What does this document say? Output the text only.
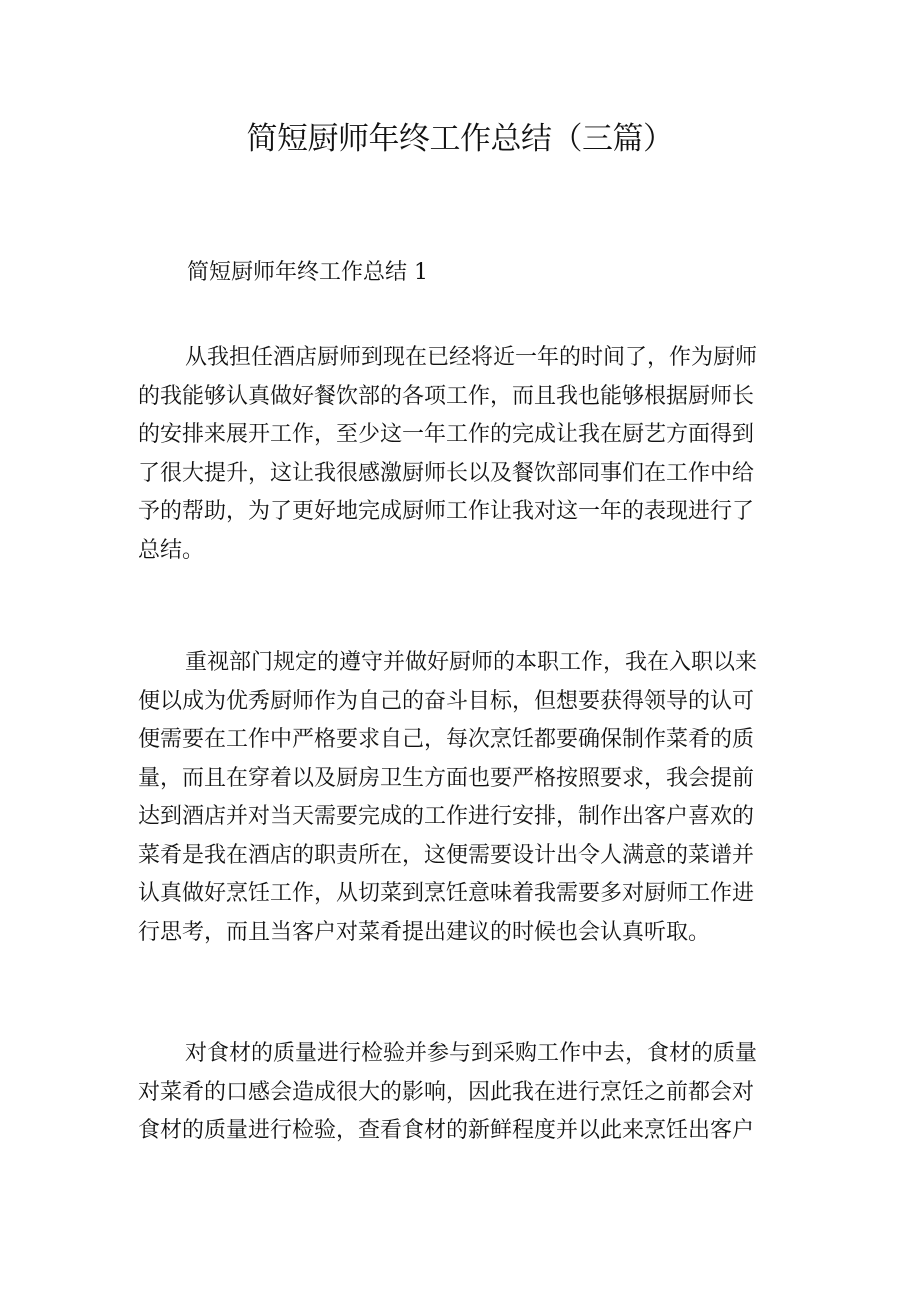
简短厨师年终工作总结（三篇）
简短厨师年终工作总结 1
从我担任酒店厨师到现在已经将近一年的时间了，作为厨师
的我能够认真做好餐饮部的各项工作，而且我也能够根据厨师长
的安排来展开工作，至少这一年工作的完成让我在厨艺方面得到
了很大提升，这让我很感激厨师长以及餐饮部同事们在工作中给
予的帮助，为了更好地完成厨师工作让我对这一年的表现进行了
总结。
重视部门规定的遵守并做好厨师的本职工作，我在入职以来
便以成为优秀厨师作为自己的奋斗目标，但想要获得领导的认可
便需要在工作中严格要求自己，每次烹饪都要确保制作菜肴的质
量，而且在穿着以及厨房卫生方面也要严格按照要求，我会提前
达到酒店并对当天需要完成的工作进行安排，制作出客户喜欢的
菜肴是我在酒店的职责所在，这便需要设计出令人满意的菜谱并
认真做好烹饪工作，从切菜到烹饪意味着我需要多对厨师工作进
行思考，而且当客户对菜肴提出建议的时候也会认真听取。
对食材的质量进行检验并参与到采购工作中去，食材的质量
对菜肴的口感会造成很大的影响，因此我在进行烹饪之前都会对
食材的质量进行检验，查看食材的新鲜程度并以此来烹饪出客户
